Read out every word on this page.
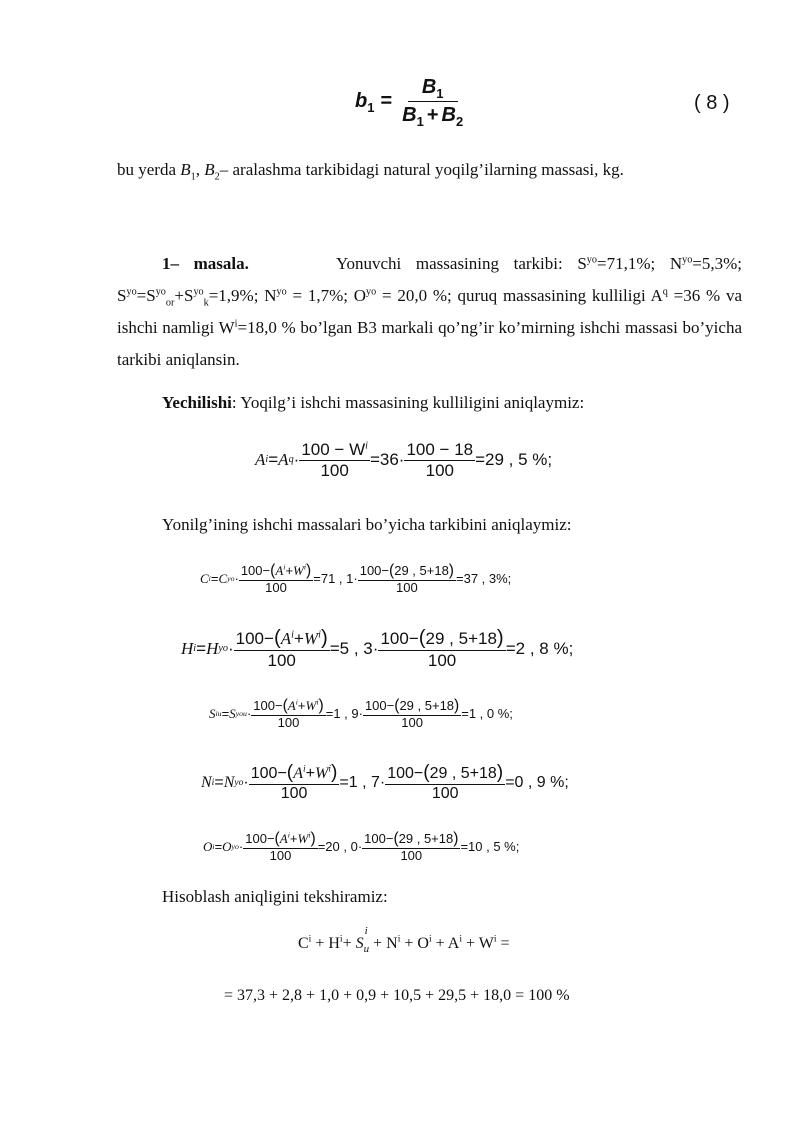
$b_1 = \frac{B_1}{B_1 + B_2}$	( 8 )
bu yerda $B_1$, $B_2-$ aralashma tarkibidagi natural yoqilg’ilarning massasi, kg.
1– masala.	Yonuvchi massasining tarkibi: $S^{yo}=71,1\%$; $N^{yo}=5,3\%$; $S^{yo}=S^{yo}_{or}+S^{yo}_k=1,9\%$; $N^{yo} = 1,7\%$; $O^{yo} = 20,0$ %; quruq massasining kulliligi $A^q =36$ % va ishchi namligi $W^i=18,0$ % bo’lgan B3 markali qo’ng’ir ko’mirning ishchi massasi bo’yicha tarkibi aniqlansin.
Yechilishi: Yoqilg’i ishchi massasining kulliligini aniqlaymiz:
A i = A $q \cdot \frac{100 - W^i}{100} =36\cdot \frac{100 - 18}{100} =29$ , 5 %;
Yonilg’ining ishchi massalari bo’yicha tarkibini aniqlaymiz:
C i = C yo · $\frac{100-(A^i+W^i)}{100} = 71$ , $1 \cdot \frac{100-(29 , 5+18)}{100} = 37$ , 3%;
H i = H yo · $\frac{100-(A^i+W^i)}{100} = 5$ , $3 \cdot \frac{100-(29 , 5+18)}{100} = 2$ , 8 %;
S i u = S yo $u \cdot \frac{100-(A^i+W^i)}{100} = 1$ , $9 \cdot \frac{100-(29 , 5+18)}{100} = 1$ , 0 %;
N i = N yo · $\frac{100-(A^i+W^i)}{100} = 1$ , $7 \cdot \frac{100-(29 , 5+18)}{100} = 0$ , 9 %;
O i = O yo · $\frac{100-(A^i+W^i)}{100} = 20$ , $0 \cdot \frac{100-(29 , 5+18)}{100} = 10$ , 5 %;
Hisoblash aniqligini tekshiramiz:
$C^i + H^i+ S$
i
$_u + N^i + O^i + A^i + W^i$ =
= 37,3 + 2,8 + 1,0 + 0,9 + 10,5 + 29,5 + 18,0 = 100 %
